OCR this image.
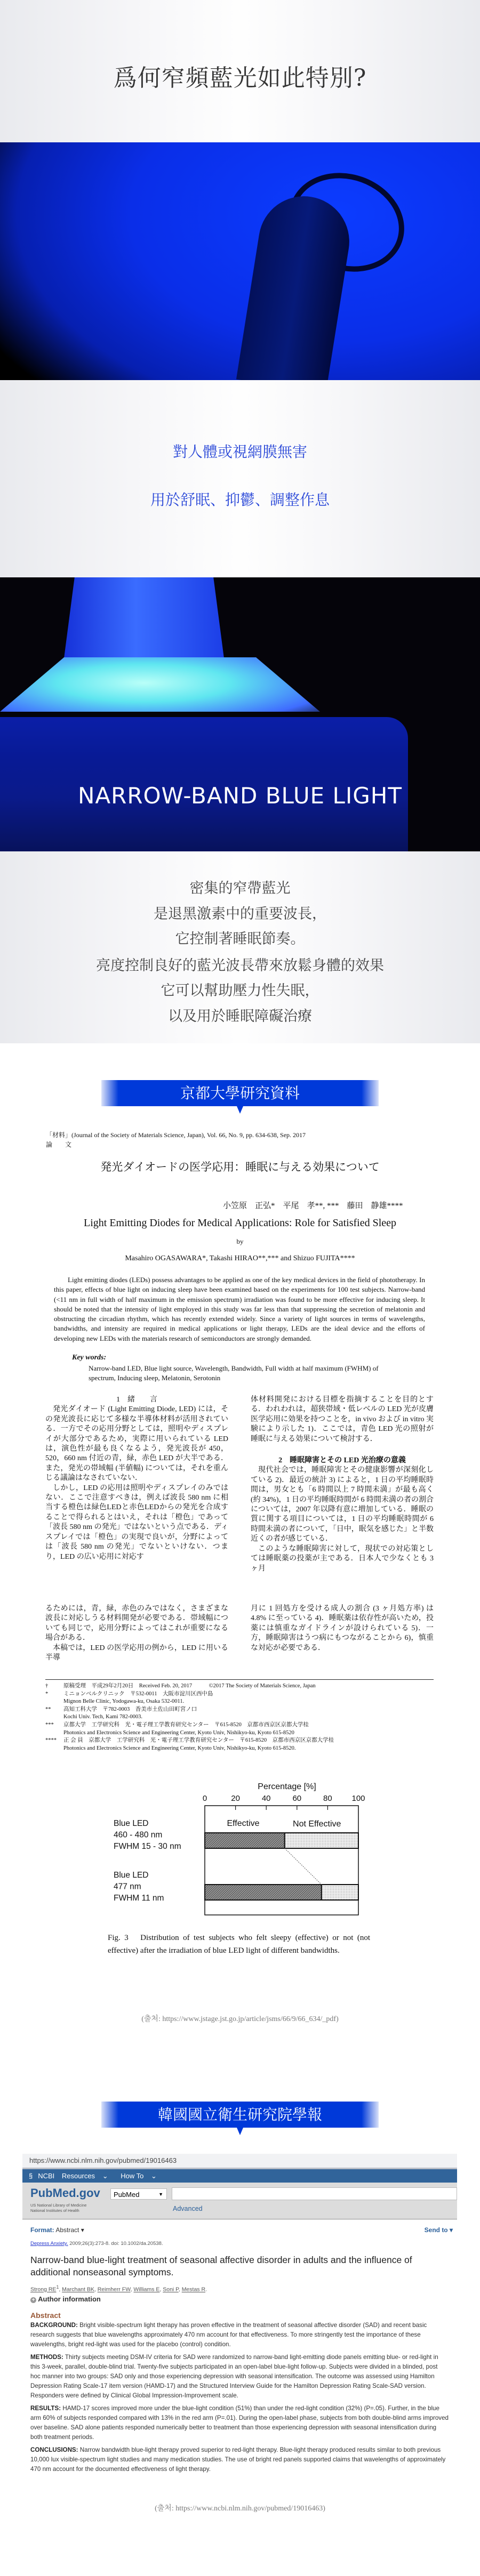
爲何窄頻藍光如此特別?
對人體或視網膜無害
用於舒眠、抑鬱、調整作息
NARROW-BAND BLUE LIGHT
密集的窄帶藍光
是退黑激素中的重要波長，
它控制著睡眠節奏。
亮度控制良好的藍光波長帶來放鬆身體的效果
它可以幫助壓力性失眠，
以及用於睡眠障礙治療
京都大學研究資料
「材料」(Journal of the Society of Materials Science, Japan), Vol. 66, No. 9, pp. 634-638, Sep. 2017
論　　文
発光ダイオードの医学応用：睡眠に与える効果について
小笠原　正弘*　平尾　孝**, ***　藤田　静雄****
Light Emitting Diodes for Medical Applications: Role for Satisfied Sleep
by
Masahiro OGASAWARA*, Takashi HIRAO**,*** and Shizuo FUJITA****
Light emitting diodes (LEDs) possess advantages to be applied as one of the key medical devices in the field of phototherapy. In this paper, effects of blue light on inducing sleep have been examined based on the experiments for 100 test subjects. Narrow-band (<11 nm in full width of half maximum in the emission spectrum) irradiation was found to be more effective for inducing sleep. It should be noted that the intensity of light employed in this study was far less than that suppressing the secretion of melatonin and obstructing the circadian rhythm, which has recently extended widely. Since a variety of light sources in terms of wavelengths, bandwidths, and intensity are required in medical applications or light therapy, LEDs are the ideal device and the efforts of developing new LEDs with the materials research of semiconductors are strongly demanded.
Key words:
Narrow-band LED, Blue light source, Wavelength, Bandwidth, Full width at half maximum (FWHM) of spectrum, Inducing sleep, Melatonin, Serotonin
1　緒　　言

発光ダイオード (Light Emitting Diode, LED) には，その発光波長に応じて多様な半導体材料が活用されている．一方でその応用分野としては，照明やディスプレイが大部分であるため，実際に用いられている LED は，演色性が最も良くなるよう，発光波長が 450，520，660 nm 付近の青，緑，赤色 LED が大半である．また，発光の帯域幅 (半値幅) については，それを重んじる議論はなされていない．

しかし，LED の応用は照明やディスプレイのみではない．ここで注意すべきは，例えば波長 580 nm に相当する橙色は緑色LEDと赤色LEDからの発光を合成することで得られるとはいえ，それは「橙色」であって「波長 580 nm の発光」ではないという点である．ディスプレイでは「橙色」の実現で良いが，分野によっては「波長 580 nm の発光」でないといけない．つまり，LED の広い応用に対応す

体材料開発における目標を指摘することを目的とする．われわれは，超狭帯域・低レベルの LED 光が皮膚医学応用に効果を持つことを，in vivo および in vitro 実験により示した 1)．ここでは，青色 LED 光の照射が睡眠に与える効果について検討する．

2　睡眠障害とその LED 光治療の意義

現代社会では，睡眠障害とその健康影響が深刻化している 2)．最近の統計 3) によると，1 日の平均睡眠時間は，男女とも「6 時間以上 7 時間未満」が最も高く (約 34%)，1 日の平均睡眠時間が 6 時間未満の者の割合については，2007 年以降有意に増加している．睡眠の質に関する項目については，1 日の平均睡眠時間が 6 時間未満の者について，「日中，眠気を感じた」と半数近くの者が感じている．

このような睡眠障害に対して，現状での対応策としては睡眠薬の投薬が主である．日本人で少なくとも 3 ヶ月

るためには，青，緑，赤色のみではなく，さまざまな波長に対応しうる材料開発が必要である．帯域幅についても同じで，応用分野によってはこれが重要になる場合がある．

本稿では，LED の医学応用の例から，LED に用いる半導

月に 1 回処方を受ける成人の割合 (3 ヶ月処方率) は 4.8% に至っている 4)．睡眠薬は依存性が高いため，投薬には慎重なガイドラインが設けられている 5)．一方，睡眠障害はうつ病にもつながることから 6)，慎重な対応が必要である．

†	原稿受理　平成29年2月20日　Received Feb. 20, 2017　　　©2017 The Society of Materials Science, Japan
*	ミニョンベルクリニック　〒532-0011　大阪市淀川区西中島
Mignon Belle Clinic, Yodogawa-ku, Osaka 532-0011.
**	高知工科大学　〒782-0003　香美市土佐山田町宮ノ口
Kochi Univ. Tech, Kami 782-0003.
***	京都大学　工学研究科　光・電子理工学教育研究センター　〒615-8520　京都市西京区京都大学桂
Photonics and Electronics Science and Engineering Center, Kyoto Univ, Nishikyo-ku, Kyoto 615-8520
****	正 会 員　京都大学　工学研究科　光・電子理工学教育研究センター　〒615-8520　京都市西京区京都大学桂
Photonics and Electronics Science and Engineering Center, Kyoto Univ, Nishikyo-ku, Kyoto 615-8520.
Percentage [%]
0	20	40	60	80 100
Effective	Not Effective
Blue LED
460 - 480 nm
FWHM 15 - 30 nm
Blue LED
477 nm
FWHM 11 nm
Fig. 3　Distribution of test subjects who felt sleepy (effective) or not (not effective) after the irradiation of blue LED light of different bandwidths.
(출처: https://www.jstage.jst.go.jp/article/jsms/66/9/66_634/_pdf)
韓國國立衛生研究院學報
https://www.ncbi.nlm.nih.gov/pubmed/19016463
§ NCBI Resources ⌄ How To ⌄
PubMed.gov
US National Library of Medicine
National Institutes of Health
PubMed	▼
Advanced
Format: Abstract ▾	Send to ▾
Depress Anxiety. 2009;26(3):273-8. doi: 10.1002/da.20538.
Narrow-band blue-light treatment of seasonal affective disorder in adults and the influence of additional nonseasonal symptoms.
Strong $RE^1$, Marchant BK, Reimherr FW, Williams E, Soni P, Mestas R.
+ Author information
Abstract

BACKGROUND: Bright visible-spectrum light therapy has proven effective in the treatment of seasonal affective disorder (SAD) and recent basic research suggests that blue wavelengths approximately 470 nm account for that effectiveness. To more stringently test the importance of these wavelengths, bright red-light was used for the placebo (control) condition.

METHODS: Thirty subjects meeting DSM-IV criteria for SAD were randomized to narrow-band light-emitting diode panels emitting blue- or red-light in this 3-week, parallel, double-blind trial. Twenty-five subjects participated in an open-label blue-light follow-up. Subjects were divided in a blinded, post hoc manner into two groups: SAD only and those experiencing depression with seasonal intensification. The outcome was assessed using Hamilton Depression Rating Scale-17 item version (HAMD-17) and the Structured Interview Guide for the Hamilton Depression Rating Scale-SAD version. Responders were defined by Clinical Global Impression-Improvement scale.

RESULTS: HAMD-17 scores improved more under the blue-light condition (51%) than under the red-light condition (32%) (P=.05). Further, in the blue arm 60% of subjects responded compared with 13% in the red arm (P=.01). During the open-label phase, subjects from both double-blind arms improved over baseline. SAD alone patients responded numerically better to treatment than those experiencing depression with seasonal intensification during both treatment periods.

CONCLUSIONS: Narrow bandwidth blue-light therapy proved superior to red-light therapy. Blue-light therapy produced results similar to both previous 10,000 lux visible-spectrum light studies and many medication studies. The use of bright red panels supported claims that wavelengths of approximately 470 nm account for the documented effectiveness of light therapy.

(출처: https://www.ncbi.nlm.nih.gov/pubmed/19016463)
